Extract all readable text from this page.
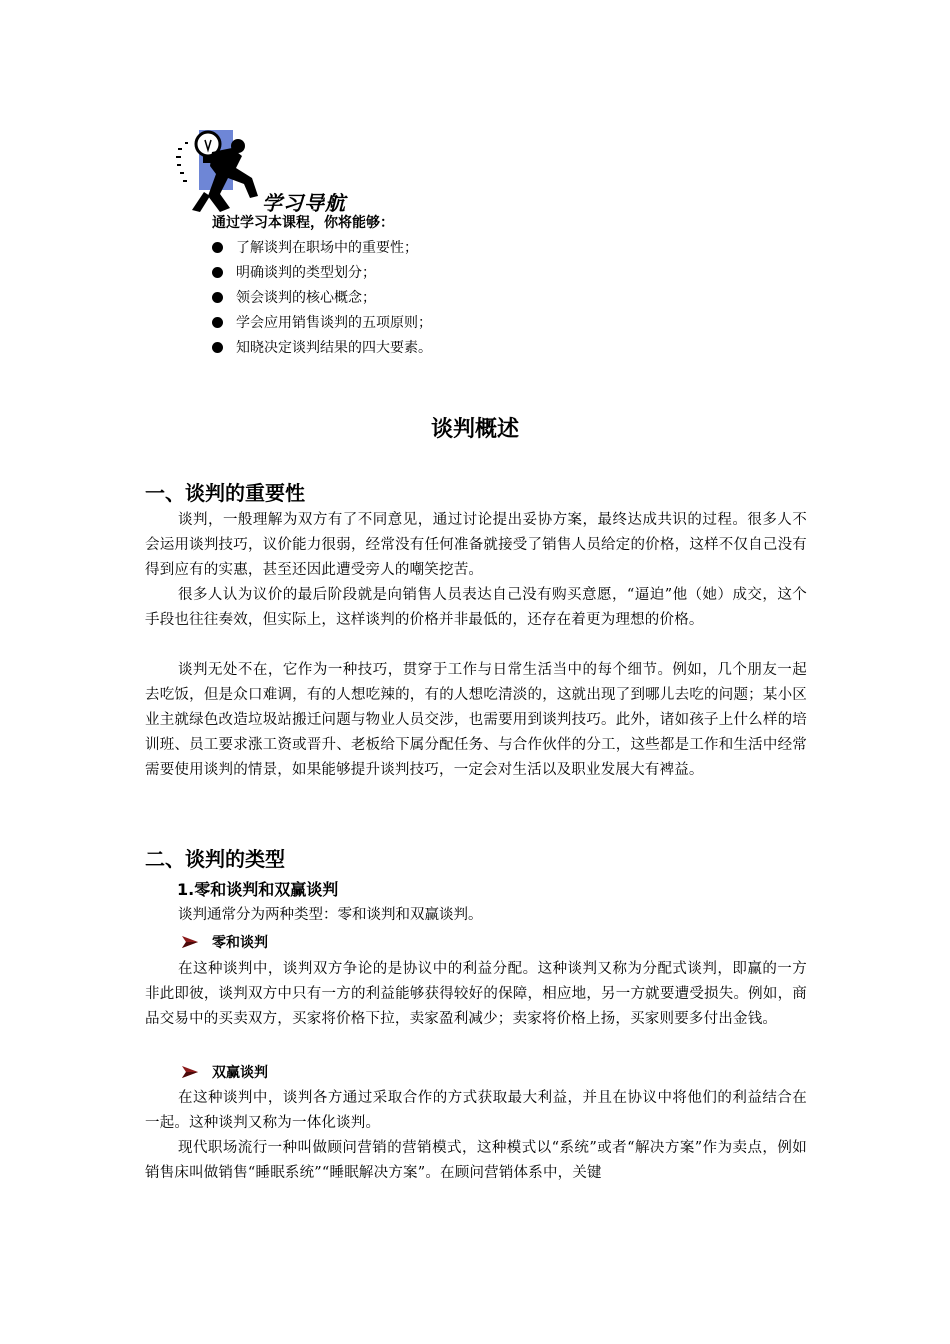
学习导航
通过学习本课程，你将能够：
了解谈判在职场中的重要性；
明确谈判的类型划分；
领会谈判的核心概念；
学会应用销售谈判的五项原则；
知晓决定谈判结果的四大要素。
谈判概述
一、谈判的重要性

谈判，一般理解为双方有了不同意见，通过讨论提出妥协方案，最终达成共识的过程。很多人不会运用谈判技巧，议价能力很弱，经常没有任何准备就接受了销售人员给定的价格，这样不仅自己没有得到应有的实惠，甚至还因此遭受旁人的嘲笑挖苦。

很多人认为议价的最后阶段就是向销售人员表达自己没有购买意愿，“逼迫”他（她）成交，这个手段也往往奏效，但实际上，这样谈判的价格并非最低的，还存在着更为理想的价格。

谈判无处不在，它作为一种技巧，贯穿于工作与日常生活当中的每个细节。例如，几个朋友一起去吃饭，但是众口难调，有的人想吃辣的，有的人想吃清淡的，这就出现了到哪儿去吃的问题；某小区业主就绿色改造垃圾站搬迁问题与物业人员交涉，也需要用到谈判技巧。此外，诸如孩子上什么样的培训班、员工要求涨工资或晋升、老板给下属分配任务、与合作伙伴的分工，这些都是工作和生活中经常需要使用谈判的情景，如果能够提升谈判技巧，一定会对生活以及职业发展大有裨益。

二、谈判的类型
1.零和谈判和双赢谈判
谈判通常分为两种类型：零和谈判和双赢谈判。
零和谈判

在这种谈判中，谈判双方争论的是协议中的利益分配。这种谈判又称为分配式谈判，即赢的一方非此即彼，谈判双方中只有一方的利益能够获得较好的保障，相应地，另一方就要遭受损失。例如，商品交易中的买卖双方，买家将价格下拉，卖家盈利减少；卖家将价格上扬，买家则要多付出金钱。

双赢谈判

在这种谈判中，谈判各方通过采取合作的方式获取最大利益，并且在协议中将他们的利益结合在一起。这种谈判又称为一体化谈判。

现代职场流行一种叫做顾问营销的营销模式，这种模式以“系统”或者“解决方案”作为卖点，例如销售床叫做销售“睡眠系统”“睡眠解决方案”。在顾问营销体系中，关键
